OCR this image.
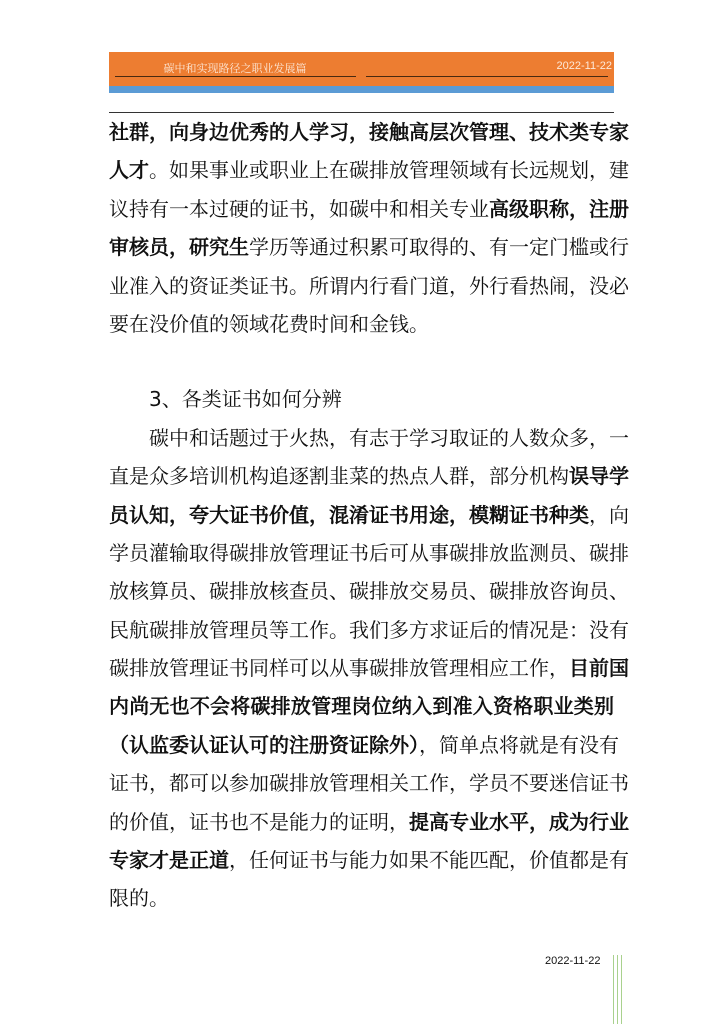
碳中和实现路径之职业发展篇	2022-11-22
社群，向身边优秀的人学习，接触高层次管理、技术类专家
人才。如果事业或职业上在碳排放管理领域有长远规划，建
议持有一本过硬的证书，如碳中和相关专业高级职称，注册
审核员，研究生学历等通过积累可取得的、有一定门槛或行
业准入的资证类证书。所谓内行看门道，外行看热闹，没必
要在没价值的领域花费时间和金钱。
3、各类证书如何分辨
碳中和话题过于火热，有志于学习取证的人数众多，一
直是众多培训机构追逐割韭菜的热点人群，部分机构误导学
员认知，夸大证书价值，混淆证书用途，模糊证书种类，向
学员灌输取得碳排放管理证书后可从事碳排放监测员、碳排
放核算员、碳排放核查员、碳排放交易员、碳排放咨询员、
民航碳排放管理员等工作。我们多方求证后的情况是：没有
碳排放管理证书同样可以从事碳排放管理相应工作，目前国
内尚无也不会将碳排放管理岗位纳入到准入资格职业类别
（认监委认证认可的注册资证除外），简单点将就是有没有
证书，都可以参加碳排放管理相关工作，学员不要迷信证书
的价值，证书也不是能力的证明，提高专业水平，成为行业
专家才是正道，任何证书与能力如果不能匹配，价值都是有
限的。
2022-11-22
